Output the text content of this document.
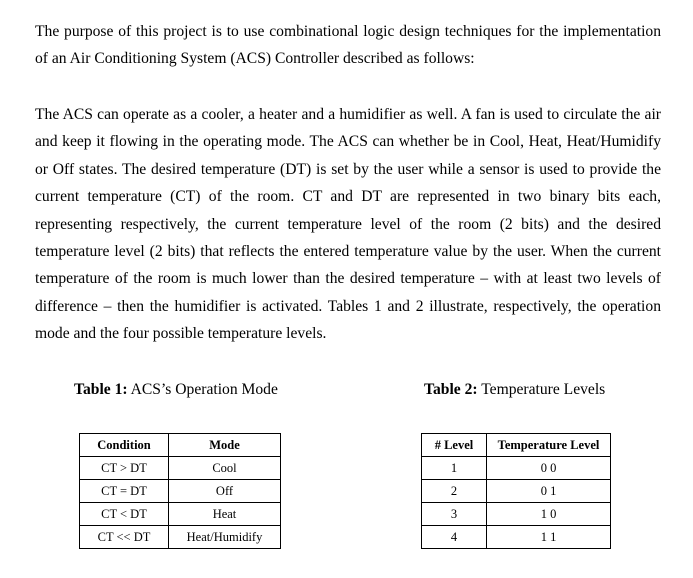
The purpose of this project is to use combinational logic design techniques for the implementation of an Air Conditioning System (ACS) Controller described as follows:

The ACS can operate as a cooler, a heater and a humidifier as well. A fan is used to circulate the air and keep it flowing in the operating mode. The ACS can whether be in Cool, Heat, Heat/Humidify or Off states. The desired temperature (DT) is set by the user while a sensor is used to provide the current temperature (CT) of the room. CT and DT are represented in two binary bits each, representing respectively, the current temperature level of the room (2 bits) and the desired temperature level (2 bits) that reflects the entered temperature value by the user. When the current temperature of the room is much lower than the desired temperature – with at least two levels of difference – then the humidifier is activated. Tables 1 and 2 illustrate, respectively, the operation mode and the four possible temperature levels.

Table 1: ACS’s Operation Mode	Table 2: Temperature Levels
Condition	Mode
CT > DT	Cool
CT = DT	Off
CT < DT	Heat
CT << DT	Heat/Humidify
# Level	Temperature Level
1	0 0
2	0 1
3	1 0
4	1 1
